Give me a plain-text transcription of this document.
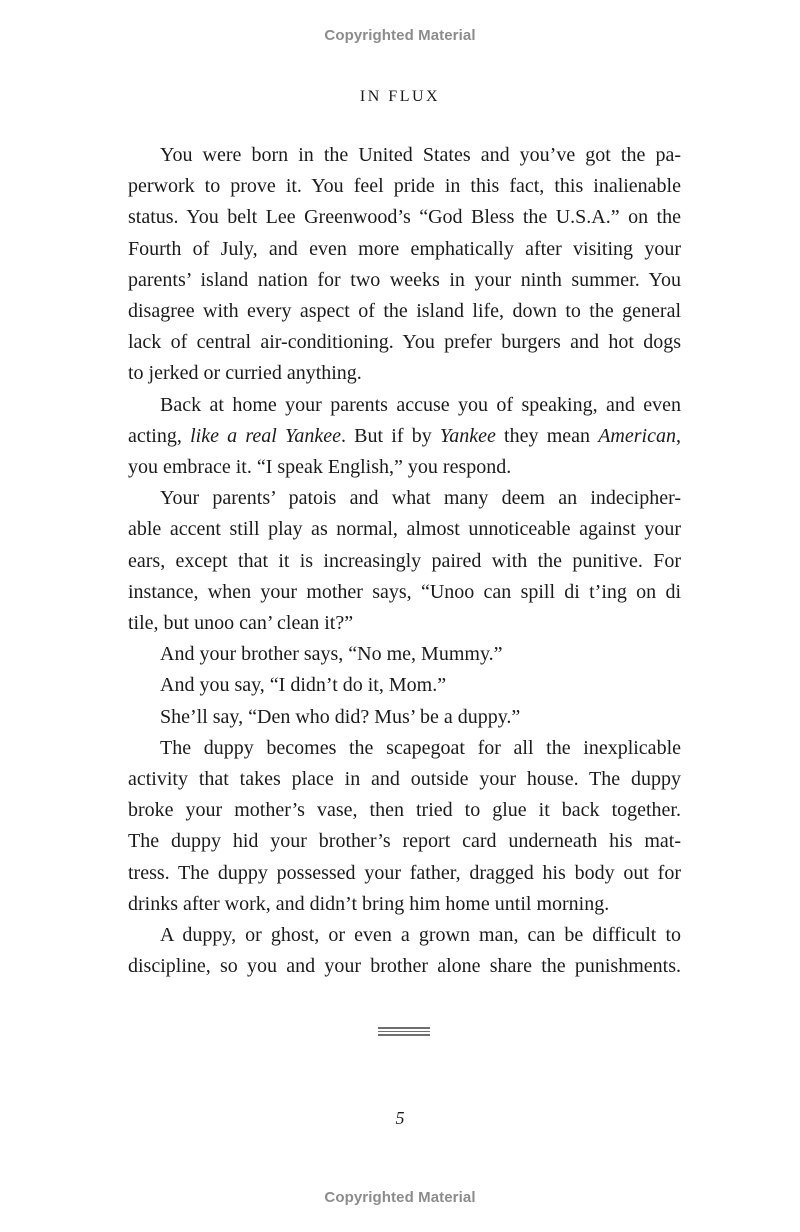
Copyrighted Material
IN FLUX
You were born in the United States and you’ve got the pa-
perwork to prove it. You feel pride in this fact, this inalienable
status. You belt Lee Greenwood’s “God Bless the U.S.A.” on the
Fourth of July, and even more emphatically after visiting your
parents’ island nation for two weeks in your ninth summer. You
disagree with every aspect of the island life, down to the general
lack of central air-conditioning. You prefer burgers and hot dogs
to jerked or curried anything.
Back at home your parents accuse you of speaking, and even
acting, like a real Yankee. But if by Yankee they mean American,
you embrace it. “I speak English,” you respond.
Your parents’ patois and what many deem an indecipher-
able accent still play as normal, almost unnoticeable against your
ears, except that it is increasingly paired with the punitive. For
instance, when your mother says, “Unoo can spill di t’ing on di
tile, but unoo can’ clean it?”
And your brother says, “No me, Mummy.”
And you say, “I didn’t do it, Mom.”
She’ll say, “Den who did? Mus’ be a duppy.”
The duppy becomes the scapegoat for all the inexplicable
activity that takes place in and outside your house. The duppy
broke your mother’s vase, then tried to glue it back together.
The duppy hid your brother’s report card underneath his mat-
tress. The duppy possessed your father, dragged his body out for
drinks after work, and didn’t bring him home until morning.
A duppy, or ghost, or even a grown man, can be difficult to
discipline, so you and your brother alone share the punishments.
5
Copyrighted Material
